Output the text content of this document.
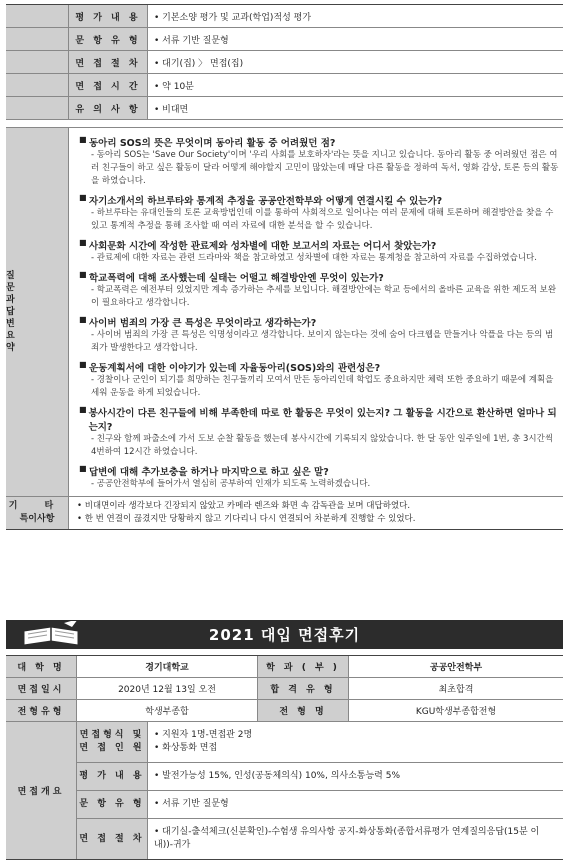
평 가 내 용	• 기본소양 평가 및 교과(학업)적성 평가
문 항 유 형	• 서류 기반 질문형
면 접 절 차	• 대기(집) 〉 면접(집)
면 접 시 간	• 약 10분
유 의 사 항	• 비대면
질 문 과
답 변
요 약
■ 동아리 SOS의 뜻은 무엇이며 동아리 활동 중 어려웠던 점?
- 동아리 SOS는 'Save Our Society'이며 '우리 사회를 보호하자'라는 뜻을 지니고 있습니다. 동아리 활동 중 어려웠던 점은 여러 친구들이 하고 싶은 활동이 달라 어떻게 해야할지 고민이 많았는데 매달 다른 활동을 정하여 독서, 영화 감상, 토론 등의 활동을 하였습니다.
■ 자기소개서의 하브루타와 통계적 추정을 공공안전학부와 어떻게 연결시킬 수 있는가?
- 하브루타는 유대인들의 토론 교육방법인데 이를 통하여 사회적으로 일어나는 여러 문제에 대해 토론하며 해결방안을 찾을 수 있고 통계적 추정을 통해 조사할 때 여러 자료에 대한 분석을 할 수 있습니다.
■ 사회문화 시간에 작성한 관료제와 성차별에 대한 보고서의 자료는 어디서 찾았는가?
- 관료제에 대한 자료는 관련 드라마와 책을 참고하였고 성차별에 대한 자료는 통계청을 참고하여 자료를 수집하였습니다.
■ 학교폭력에 대해 조사했는데 실태는 어떨고 해결방안엔 무엇이 있는가?
- 학교폭력은 예전부터 있었지만 계속 증가하는 추세를 보입니다. 해결방안에는 학교 등에서의 올바른 교육을 위한 제도적 보완이 필요하다고 생각합니다.
■ 사이버 범죄의 가장 큰 특성은 무엇이라고 생각하는가?
- 사이버 범죄의 가장 큰 특성은 익명성이라고 생각합니다. 보이지 않는다는 것에 숨어 다크웹을 만들거나 악플을 다는 등의 범죄가 발생한다고 생각합니다.
■ 운동계획서에 대한 이야기가 있는데 자율동아리(SOS)와의 관련성은?
- 경찰이나 군인이 되기를 희망하는 친구들끼리 모여서 만든 동아리인데 학업도 중요하지만 체력 또한 중요하기 때문에 계획을 세워 운동을 하게 되었습니다.
■ 봉사시간이 다른 친구들에 비해 부족한데 따로 한 활동은 무엇이 있는지? 그 활동을 시간으로 환산하면 얼마나 되는지?
- 친구와 함께 파출소에 가서 도보 순찰 활동을 했는데 봉사시간에 기록되지 않았습니다. 한 달 동안 일주일에 1번, 총 3시간씩 4번하여 12시간 하였습니다.
■ 답변에 대해 추가보충을 하거나 마지막으로 하고 싶은 말?
- 공공안전학부에 들어가서 열심히 공부하여 인재가 되도록 노력하겠습니다.
기 타
특이사항
• 비대면이라 생각보다 긴장되지 않았고 카메라 렌즈와 화면 속 감독관을 보며 대답하였다.
• 한 번 연결이 끊겼지만 당황하지 않고 기다리니 다시 연결되어 차분하게 진행할 수 있었다.
2021 대입 면접후기
대 학 명	경기대학교	학 과 ( 부 )	공공안전학부
면접일시	2020년 12월 13일 오전	합 격 유 형	최초합격
전형유형	학생부종합	전 형 명	KGU학생부종합전형
면접개요
면접형식 및
면 접 인 원
• 지원자 1명-면접관 2명
• 화상통화 면접
평 가 내 용 • 발전가능성 15%, 인성(공동체의식) 10%, 의사소통능력 5%
문 항 유 형 • 서류 기반 질문형
면 접 절 차
• 대기실-출석체크(신분확인)-수험생 유의사항 공지-화상통화(종합서류평가 연계질의응답(15분 이내))-귀가
